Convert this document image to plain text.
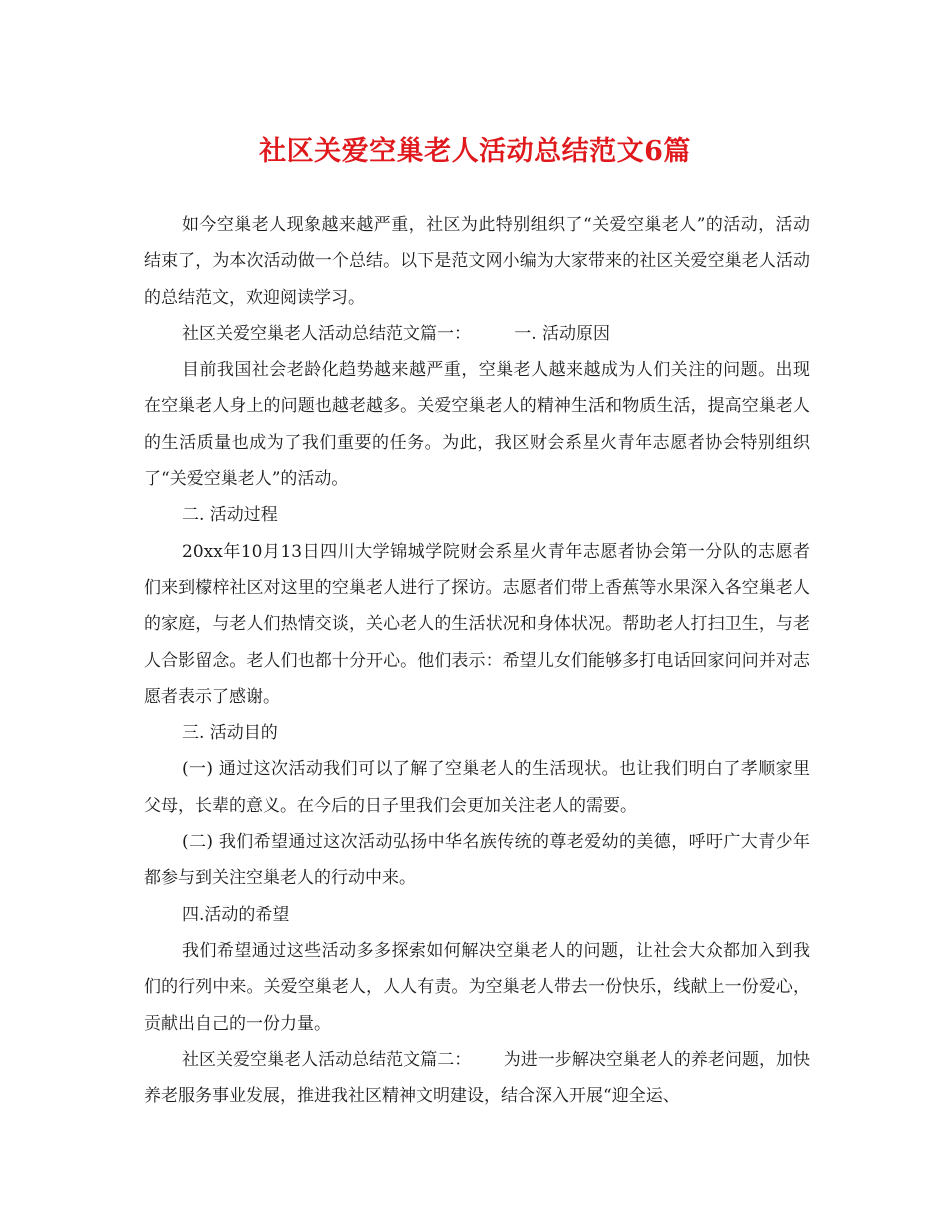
社区关爱空巢老人活动总结范文6篇

如今空巢老人现象越来越严重，社区为此特别组织了“关爱空巢老人”的活动，活动结束了，为本次活动做一个总结。以下是范文网小编为大家带来的社区关爱空巢老人活动的总结范文，欢迎阅读学习。

社区关爱空巢老人活动总结范文篇一：        一. 活动原因

目前我国社会老龄化趋势越来越严重，空巢老人越来越成为人们关注的问题。出现在空巢老人身上的问题也越老越多。关爱空巢老人的精神生活和物质生活，提高空巢老人的生活质量也成为了我们重要的任务。为此，我区财会系星火青年志愿者协会特别组织了“关爱空巢老人”的活动。

二. 活动过程

20xx年10月13日四川大学锦城学院财会系星火青年志愿者协会第一分队的志愿者们来到檬梓社区对这里的空巢老人进行了探访。志愿者们带上香蕉等水果深入各空巢老人的家庭，与老人们热情交谈，关心老人的生活状况和身体状况。帮助老人打扫卫生，与老人合影留念。老人们也都十分开心。他们表示：希望儿女们能够多打电话回家问问并对志愿者表示了感谢。

三. 活动目的

(一) 通过这次活动我们可以了解了空巢老人的生活现状。也让我们明白了孝顺家里父母，长辈的意义。在今后的日子里我们会更加关注老人的需要。

(二) 我们希望通过这次活动弘扬中华名族传统的尊老爱幼的美德，呼吁广大青少年都参与到关注空巢老人的行动中来。

四.活动的希望

我们希望通过这些活动多多探索如何解决空巢老人的问题，让社会大众都加入到我们的行列中来。关爱空巢老人，人人有责。为空巢老人带去一份快乐，线献上一份爱心，贡献出自己的一份力量。

社区关爱空巢老人活动总结范文篇二：      为进一步解决空巢老人的养老问题，加快养老服务事业发展，推进我社区精神文明建设，结合深入开展“迎全运、
